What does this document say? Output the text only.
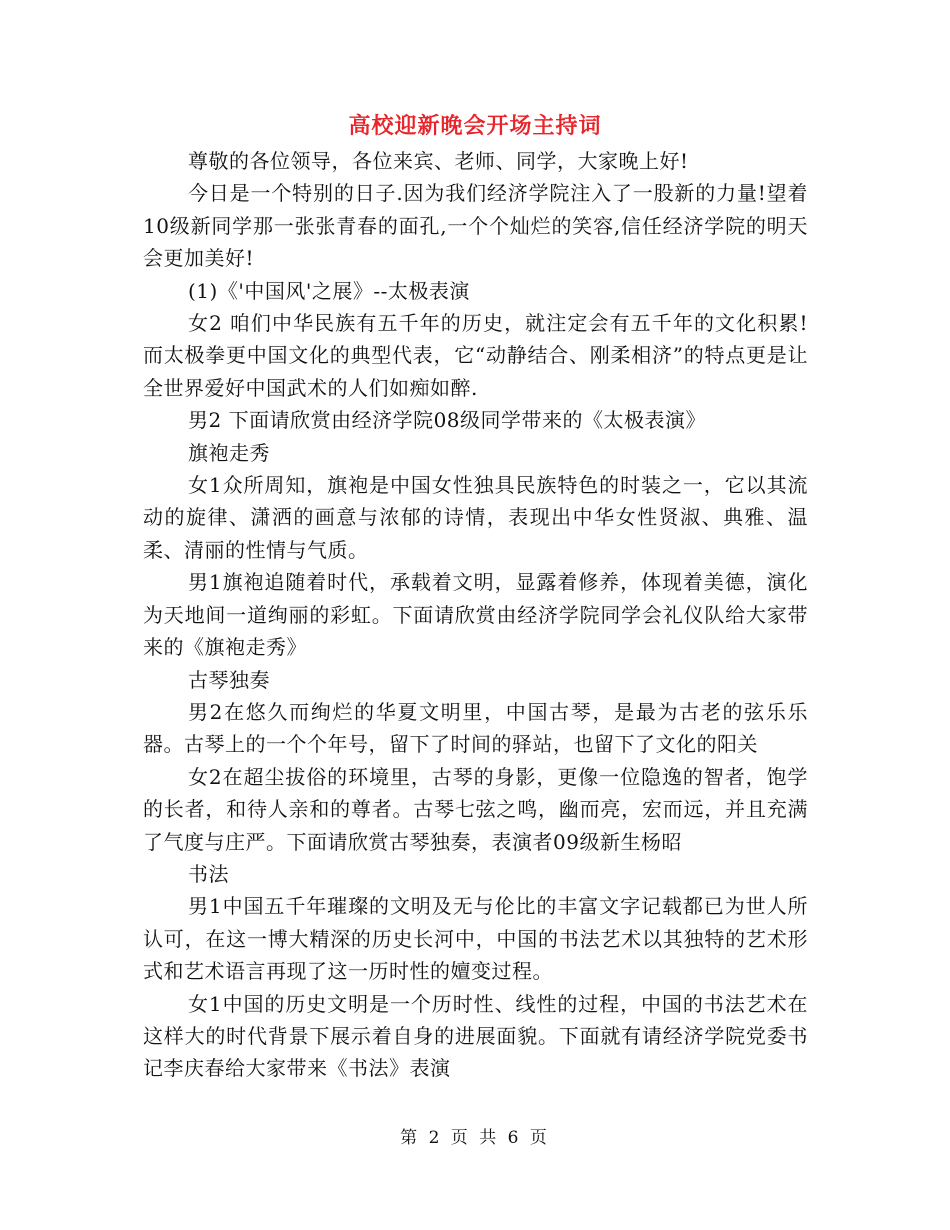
高校迎新晚会开场主持词

尊敬的各位领导，各位来宾、老师、同学，大家晚上好!

今日是一个特别的日子.因为我们经济学院注入了一股新的力量!望着10级新同学那一张张青春的面孔,一个个灿烂的笑容,信任经济学院的明天会更加美好!

(1)《'中国风'之展》--太极表演

女2 咱们中华民族有五千年的历史，就注定会有五千年的文化积累!而太极拳更中国文化的典型代表，它“动静结合、刚柔相济”的特点更是让全世界爱好中国武术的人们如痴如醉.

男2 下面请欣赏由经济学院08级同学带来的《太极表演》

旗袍走秀

女1众所周知，旗袍是中国女性独具民族特色的时装之一，它以其流动的旋律、潇洒的画意与浓郁的诗情，表现出中华女性贤淑、典雅、温柔、清丽的性情与气质。

男1旗袍追随着时代，承载着文明，显露着修养，体现着美德，演化为天地间一道绚丽的彩虹。下面请欣赏由经济学院同学会礼仪队给大家带来的《旗袍走秀》

古琴独奏

男2在悠久而绚烂的华夏文明里，中国古琴，是最为古老的弦乐乐器。古琴上的一个个年号，留下了时间的驿站，也留下了文化的阳关

女2在超尘拔俗的环境里，古琴的身影，更像一位隐逸的智者，饱学的长者，和待人亲和的尊者。古琴七弦之鸣，幽而亮，宏而远，并且充满了气度与庄严。下面请欣赏古琴独奏，表演者09级新生杨昭

书法

男1中国五千年璀璨的文明及无与伦比的丰富文字记载都已为世人所认可，在这一博大精深的历史长河中，中国的书法艺术以其独特的艺术形式和艺术语言再现了这一历时性的嬗变过程。

女1中国的历史文明是一个历时性、线性的过程，中国的书法艺术在这样大的时代背景下展示着自身的进展面貌。下面就有请经济学院党委书记李庆春给大家带来《书法》表演

第 2 页 共 6 页
